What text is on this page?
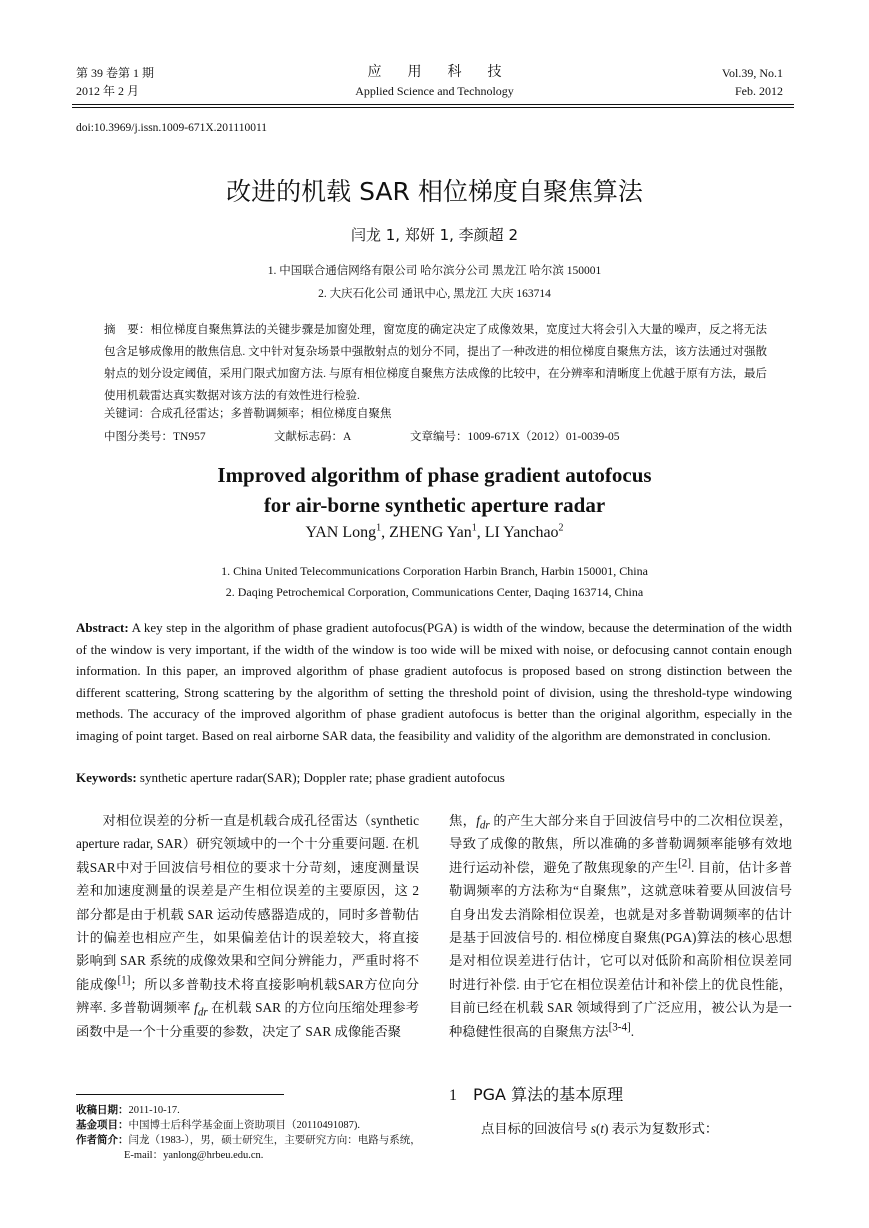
第 39 卷第 1 期
2012 年 2 月
应用科技
Applied Science and Technology
Vol.39, No.1
Feb. 2012
doi:10.3969/j.issn.1009-671X.201110011
改进的机载 SAR 相位梯度自聚焦算法
闫龙 1, 郑妍 1, 李颜超 2
1. 中国联合通信网络有限公司 哈尔滨分公司 黑龙江 哈尔滨 150001
2. 大庆石化公司 通讯中心, 黑龙江 大庆 163714
摘　要：相位梯度自聚焦算法的关键步骤是加窗处理，窗宽度的确定决定了成像效果，宽度过大将会引入大量的噪声，反之将无法包含足够成像用的散焦信息. 文中针对复杂场景中强散射点的划分不同，提出了一种改进的相位梯度自聚焦方法，该方法通过对强散射点的划分设定阈值，采用门限式加窗方法. 与原有相位梯度自聚焦方法成像的比较中，在分辨率和清晰度上优越于原有方法，最后使用机载雷达真实数据对该方法的有效性进行检验.
关键词：合成孔径雷达；多普勒调频率；相位梯度自聚焦
中图分类号：TN957	文献标志码：A	文章编号：1009-671X（2012）01-0039-05
Improved algorithm of phase gradient autofocus
for air-borne synthetic aperture radar
YAN Long$^1$, ZHENG Yan$^1$, LI Yanchao$^2$
1. China United Telecommunications Corporation Harbin Branch, Harbin 150001, China
2. Daqing Petrochemical Corporation, Communications Center, Daqing 163714, China
Abstract: A key step in the algorithm of phase gradient autofocus(PGA) is width of the window, because the determination of the width of the window is very important, if the width of the window is too wide will be mixed with noise, or defocusing cannot contain enough information. In this paper, an improved algorithm of phase gradient autofocus is proposed based on strong distinction between the different scattering, Strong scattering by the algorithm of setting the threshold point of division, using the threshold-type windowing methods. The accuracy of the improved algorithm of phase gradient autofocus is better than the original algorithm, especially in the imaging of point target. Based on real airborne SAR data, the feasibility and validity of the algorithm are demonstrated in conclusion.
Keywords: synthetic aperture radar(SAR); Doppler rate; phase gradient autofocus
对相位误差的分析一直是机载合成孔径雷达（synthetic aperture radar, SAR）研究领域中的一个十分重要问题. 在机载SAR中对于回波信号相位的要求十分苛刻，速度测量误差和加速度测量的误差是产生相位误差的主要原因，这 2 部分都是由于机载 SAR 运动传感器造成的，同时多普勒估计的偏差也相应产生，如果偏差估计的误差较大，将直接影响到 SAR 系统的成像效果和空间分辨能力，严重时将不能成像[1]；所以多普勒技术将直接影响机载SAR方位向分辨率. 多普勒调频率 $f_{dr}$ 在机载 SAR 的方位向压缩处理参考函数中是一个十分重要的参数，决定了 SAR 成像能否聚
焦，$f_{dr}$ 的产生大部分来自于回波信号中的二次相位误差，导致了成像的散焦，所以准确的多普勒调频率能够有效地进行运动补偿，避免了散焦现象的产生[2]. 目前，估计多普勒调频率的方法称为“自聚焦”，这就意味着要从回波信号自身出发去消除相位误差，也就是对多普勒调频率的估计是基于回波信号的. 相位梯度自聚焦(PGA)算法的核心思想是对相位误差进行估计，它可以对低阶和高阶相位误差同时进行补偿. 由于它在相位误差估计和补偿上的优良性能，目前已经在机载 SAR 领域得到了广泛应用，被公认为是一种稳健性很高的自聚焦方法[3-4].
1 PGA 算法的基本原理
点目标的回波信号 s(t) 表示为复数形式：
收稿日期：2011-10-17.
基金项目：中国博士后科学基金面上资助项目（20110491087).
作者简介：闫龙（1983-），男，硕士研究生，主要研究方向：电路与系统，E-mail：yanlong@hrbeu.edu.cn.
